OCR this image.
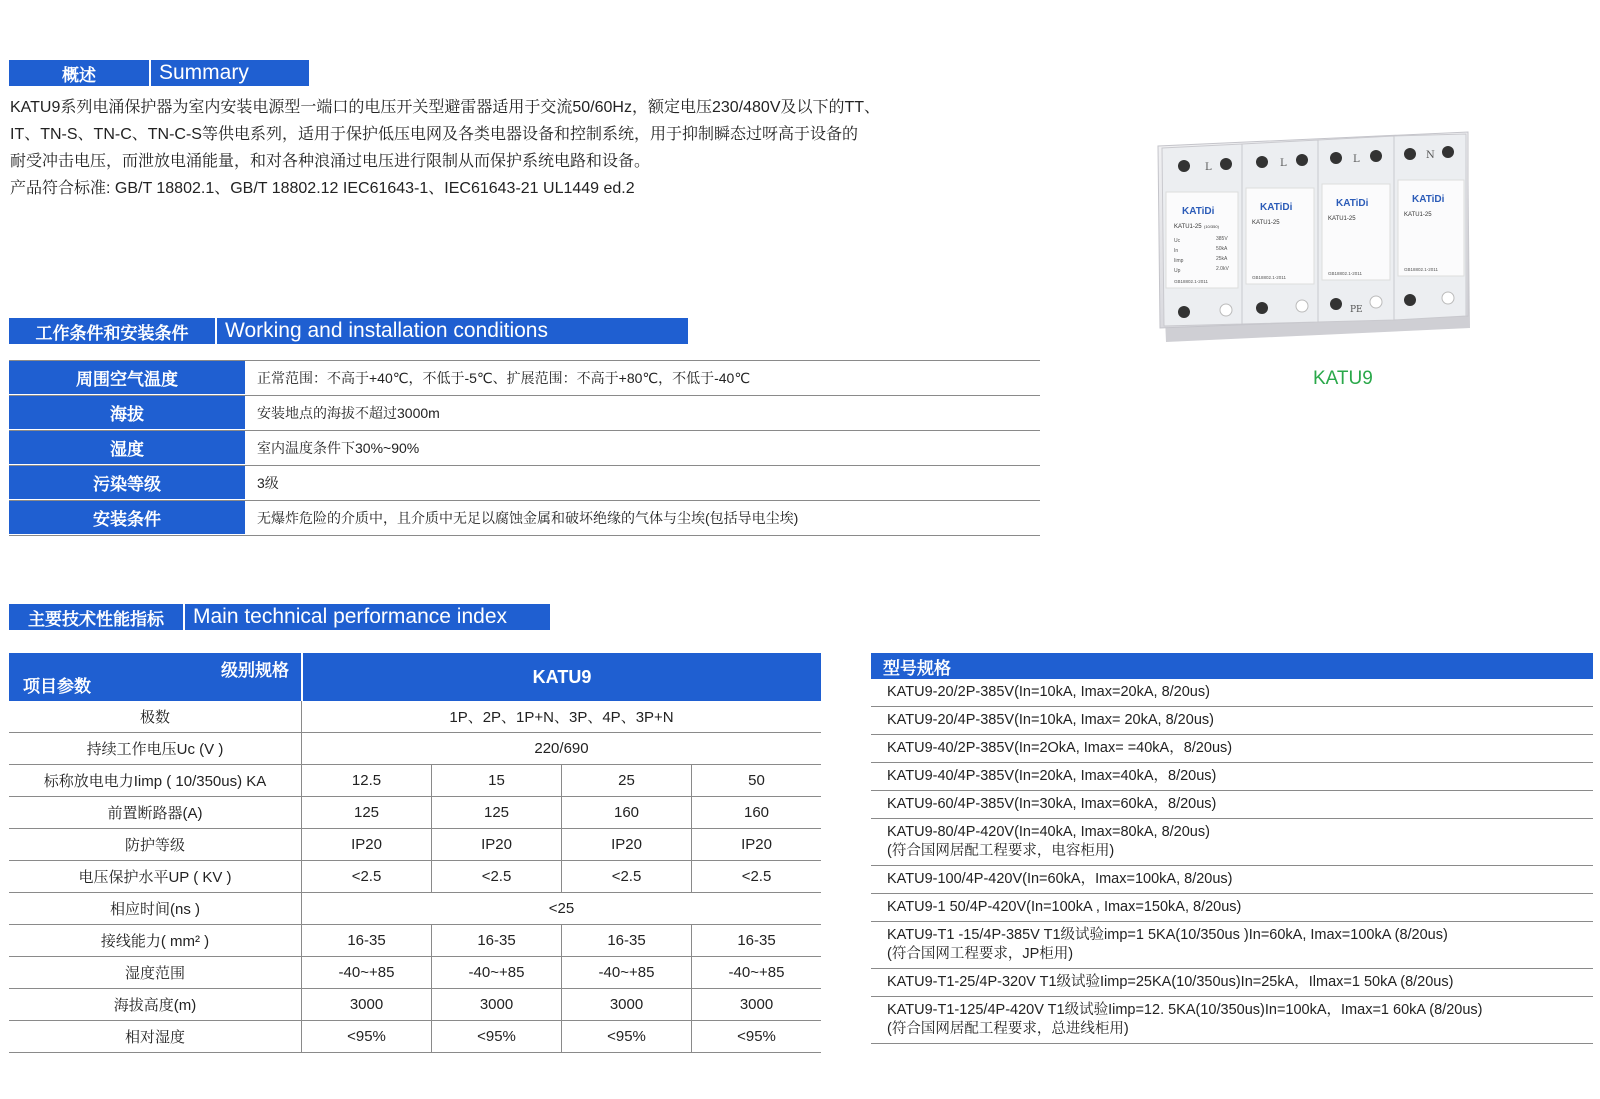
概述	Summary

KATU9系列电涌保护器为室内安装电源型一端口的电压开关型避雷器适用于交流50/60Hz，额定电压230/480V及以下的TT、

IT、TN-S、TN-C、TN-C-S等供电系列，适用于保护低压电网及各类电器设备和控制系统，用于抑制瞬态过呀高于设备的

耐受冲击电压，而泄放电涌能量，和对各种浪涌过电压进行限制从而保护系统电路和设备。

产品符合标准: GB/T 18802.1、GB/T 18802.12 IEC61643-1、IEC61643-21 UL1449 ed.2

L
KATiDi
KATU1-25 (10/350)
Uc
In
Iimp
Up
385V
50kA
25kA
2.0kV
GB18802.1-2011
L
KATiDi
KATU1-25
GB18802.1-2011
L
KATiDi
KATU1-25
GB18802.1-2011
PE
N
KATiDi
KATU1-25
GB18802.1-2011
KATU9
工作条件和安装条件	Working and installation conditions
周围空气温度	正常范围：不高于+40℃，不低于-5℃、扩展范围：不高于+80℃，不低于-40℃
海拔	安装地点的海拔不超过3000m
湿度	室内温度条件下30%~90%
污染等级	3级
安装条件	无爆炸危险的介质中，且介质中无足以腐蚀金属和破坏绝缘的气体与尘埃(包括导电尘埃)
主要技术性能指标	Main technical performance index
级别规格
项目参数	KATU9
极数	1P、2P、1P+N、3P、4P、3P+N
持续工作电压Uc (V )	220/690
标称放电电力Iimp ( 10/350us) KA	12.5	15	25	50
前置断路器(A)	125	125	160	160
防护等级	IP20	IP20	IP20	IP20
电压保护水平UP ( KV )	<2.5	<2.5	<2.5	<2.5
相应时间(ns )	<25
接线能力( mm² )	16-35	16-35	16-35	16-35
湿度范围	-40~+85	-40~+85	-40~+85	-40~+85
海拔高度(m)	3000	3000	3000	3000
相对湿度	<95%	<95%	<95%	<95%
型号规格
KATU9-20/2P-385V(In=10kA, Imax=20kA, 8/20us)
KATU9-20/4P-385V(In=10kA, Imax= 20kA, 8/20us)
KATU9-40/2P-385V(In=2OkA, Imax= =40kA，8/20us)
KATU9-40/4P-385V(In=20kA, Imax=40kA，8/20us)
KATU9-60/4P-385V(In=30kA, Imax=60kA，8/20us)
KATU9-80/4P-420V(In=40kA, Imax=80kA, 8/20us)
(符合国网居配工程要求，电容柜用)
KATU9-100/4P-420V(In=60kA，Imax=100kA, 8/20us)
KATU9-1 50/4P-420V(In=100kA , Imax=150kA, 8/20us)
KATU9-T1 -15/4P-385V T1级试验imp=1 5KA(10/350us )In=60kA, Imax=100kA (8/20us)
(符合国网工程要求，JP柜用)
KATU9-T1-25/4P-320V T1级试验Iimp=25KA(10/350us)In=25kA，Ilmax=1 50kA (8/20us)
KATU9-T1-125/4P-420V T1级试验Iimp=12. 5KA(10/350us)In=100kA，Imax=1 60kA (8/20us)
(符合国网居配工程要求，总进线柜用)
